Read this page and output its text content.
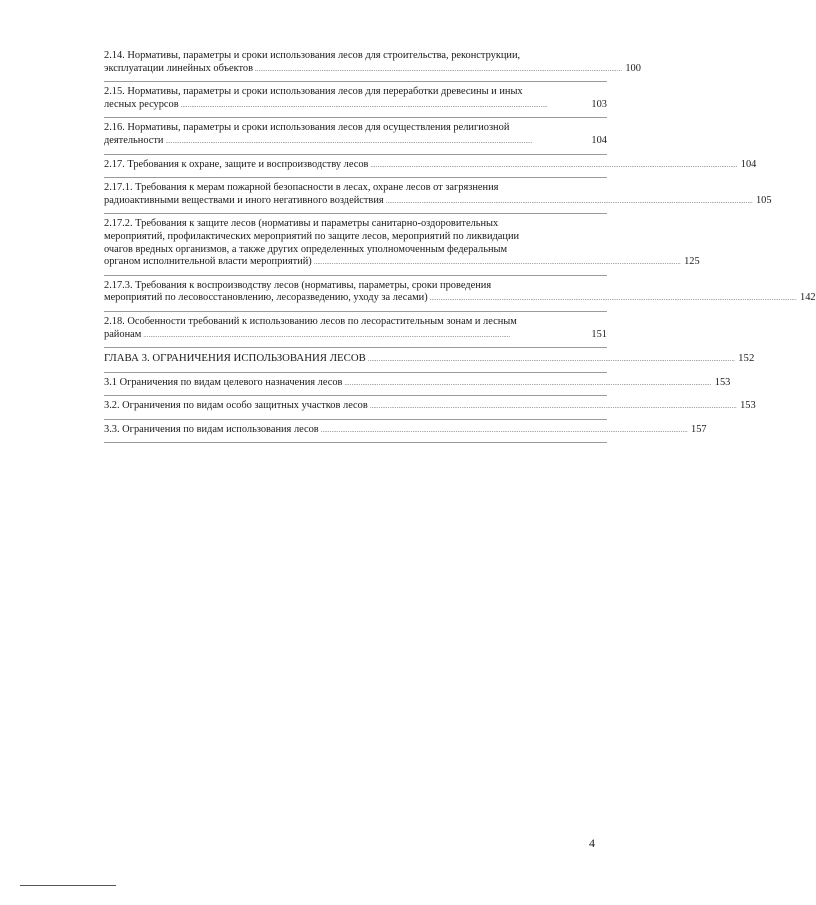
2.14. Нормативы, параметры и сроки использования лесов для строительства, реконструкции,
эксплуатации линейных объектов . . .	100
2.15. Нормативы, параметры и сроки использования лесов для переработки древесины и иных
лесных ресурсов . . .	103
2.16. Нормативы, параметры и сроки использования лесов для осуществления религиозной
деятельности . . .	104
2.17. Требования к охране, защите и воспроизводству лесов . . .	104
2.17.1. Требования к мерам пожарной безопасности в лесах, охране лесов от загрязнения
радиоактивными веществами и иного негативного воздействия . . .	105
2.17.2. Требования к защите лесов (нормативы и параметры санитарно-оздоровительных
мероприятий, профилактических мероприятий по защите лесов, мероприятий по ликвидации
очагов вредных организмов, а также других определенных уполномоченным федеральным
органом исполнительной власти мероприятий) . . .	125
2.17.3. Требования к воспроизводству лесов (нормативы, параметры, сроки проведения
мероприятий по лесовосстановлению, лесоразведению, уходу за лесами) . . .	142
2.18. Особенности требований к использованию лесов по лесорастительным зонам и лесным
районам . . .	151
ГЛАВА 3. ОГРАНИЧЕНИЯ ИСПОЛЬЗОВАНИЯ ЛЕСОВ . . .	152
3.1 Ограничения по видам целевого назначения лесов . . .	153
3.2. Ограничения по видам особо защитных участков лесов . . .	153
3.3. Ограничения по видам использования лесов . . .	157
4
